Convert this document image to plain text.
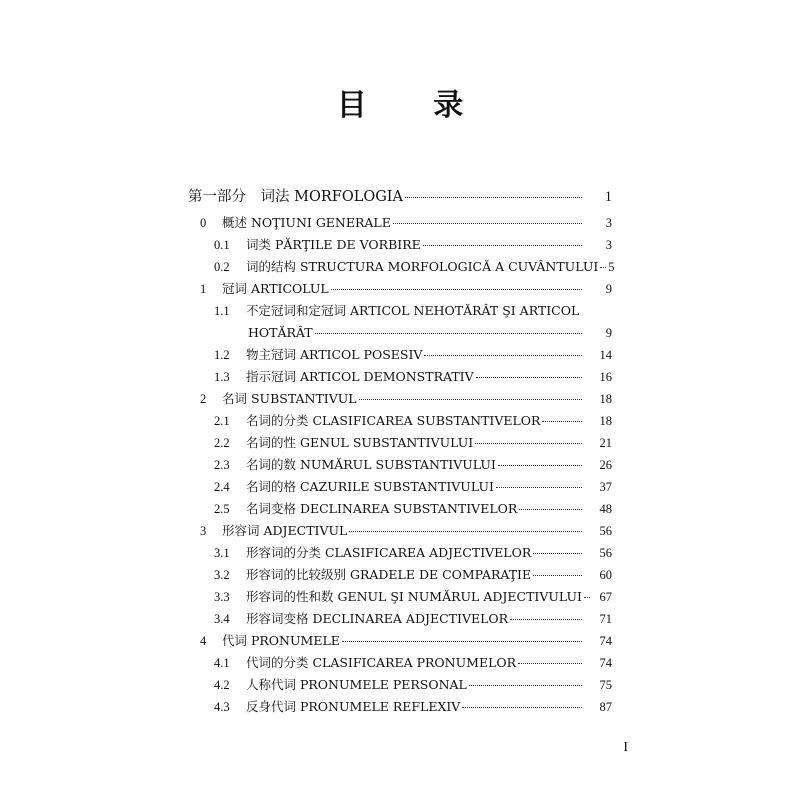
目 录
第一部分　词法 MORFOLOGIA	1
0 概述 NOŢIUNI GENERALE	3
0.1 词类 PĂRŢILE DE VORBIRE	3
0.2 词的结构 STRUCTURA MORFOLOGICĂ A CUVÂNTULUI 5
1 冠词 ARTICOLUL	9
1.1 不定冠词和定冠词 ARTICOL NEHOTĂRÂT ŞI ARTICOL
HOTĂRÂT	9
1.2 物主冠词 ARTICOL POSESIV	14
1.3 指示冠词 ARTICOL DEMONSTRATIV	16
2 名词 SUBSTANTIVUL	18
2.1 名词的分类 CLASIFICAREA SUBSTANTIVELOR	18
2.2 名词的性 GENUL SUBSTANTIVULUI	21
2.3 名词的数 NUMĂRUL SUBSTANTIVULUI	26
2.4 名词的格 CAZURILE SUBSTANTIVULUI	37
2.5 名词变格 DECLINAREA SUBSTANTIVELOR	48
3 形容词 ADJECTIVUL	56
3.1 形容词的分类 CLASIFICAREA ADJECTIVELOR	56
3.2 形容词的比较级别 GRADELE DE COMPARAŢIE	60
3.3 形容词的性和数 GENUL ŞI NUMĂRUL ADJECTIVULUI	67
3.4 形容词变格 DECLINAREA ADJECTIVELOR	71
4 代词 PRONUMELE	74
4.1 代词的分类 CLASIFICAREA PRONUMELOR	74
4.2 人称代词 PRONUMELE PERSONAL	75
4.3 反身代词 PRONUMELE REFLEXIV	87
I
